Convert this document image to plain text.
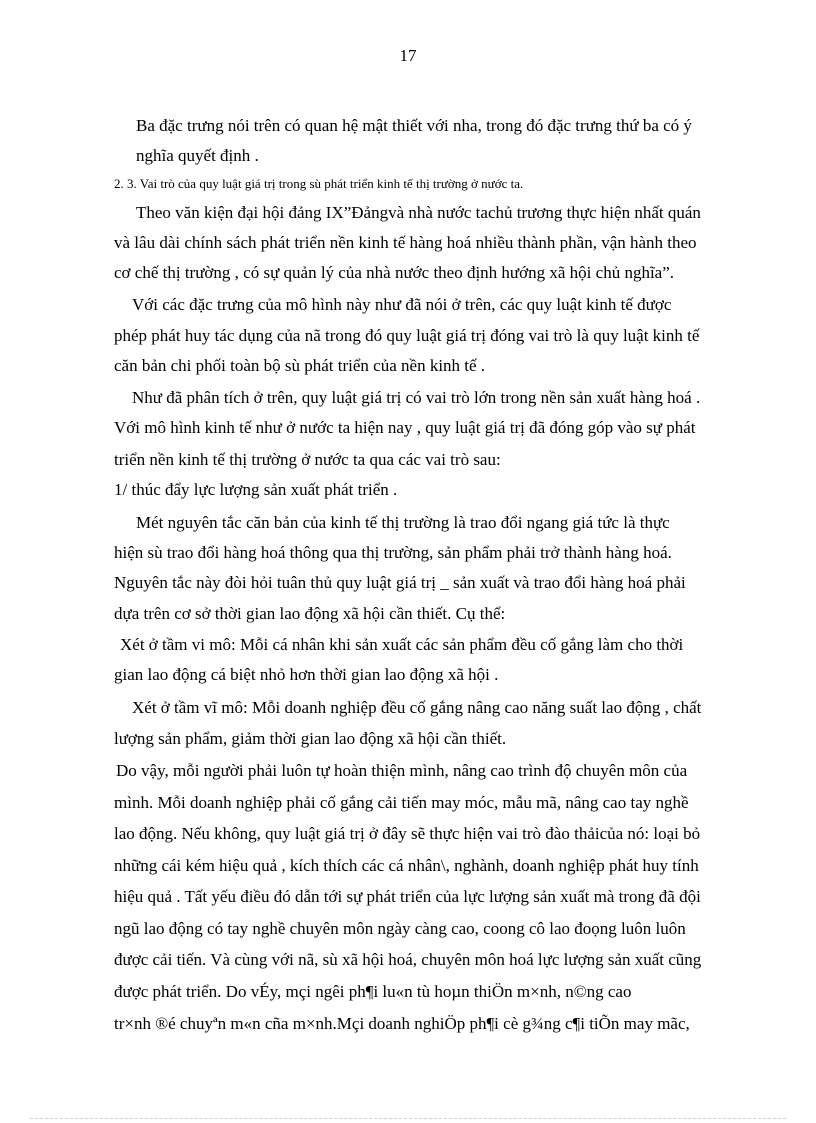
17
Ba đặc trưng nói trên có quan hệ mật thiết với nha, trong đó đặc trưng thứ ba có ý
nghĩa quyết định .
2. 3. Vai trò của quy luật giá trị trong sù phát triển kinh tế thị trường ở nước ta.
Theo văn kiện đại hội đảng IX”Đảngvà nhà nước tachủ trương thực hiện nhất quán
và lâu dài chính sách phát triển nền kinh tế hàng hoá nhiều thành phần, vận hành theo
cơ chế thị trường , có sự quản lý của nhà nước theo định hướng xã hội chủ nghĩa”.
Với các đặc trưng của mô hình này như đã nói ở trên, các quy luật kinh tế được
phép phát huy tác dụng của nã trong đó quy luật giá trị đóng vai trò là quy luật kinh tế
căn bản chi phối toàn bộ sù phát triển của nền kinh tế .
Như đã phân tích ở trên, quy luật giá trị có vai trò lớn trong nền sản xuất hàng hoá .
Với mô hình kinh tế như ở nước ta hiện nay , quy luật giá trị đã đóng góp vào sự phát
triển nền kinh tế thị trường ở nước ta qua các vai trò sau:
1/ thúc đẩy lực lượng sản xuất phát triển .
Mét nguyên tắc căn bản của kinh tế thị trường là trao đổi ngang giá tức là thực
hiện sù trao đổi hàng hoá thông qua thị trường, sản phẩm phải trở thành hàng hoá.
Nguyên tắc này đòi hỏi tuân thủ quy luật giá trị _ sản xuất và trao đổi hàng hoá phải
dựa trên cơ sở thời gian lao động xã hội cần thiết. Cụ thể:
Xét ở tầm vi mô: Mỗi cá nhân khi sản xuất các sản phẩm đều cố gắng làm cho thời
gian lao động cá biệt nhỏ hơn thời gian lao động xã hội .
Xét ở tầm vĩ mô: Mỗi doanh nghiệp đều cố gắng nâng cao năng suất lao động , chất
lượng sản phẩm, giảm thời gian lao động xã hội cần thiết.
Do vậy, mỗi người phải luôn tự hoàn thiện mình, nâng cao trình độ chuyên môn của
mình. Mỗi doanh nghiệp phải cố gắng cải tiến may móc, mẫu mã, nâng cao tay nghề
lao động. Nếu không, quy luật giá trị ở đây sẽ thực hiện vai trò đào thảicủa nó: loại bỏ
những cái kém hiệu quả , kích thích các cá nhân\, nghành, doanh nghiệp phát huy tính
hiệu quả . Tất yếu điều đó dẫn tới sự phát triển của lực lượng sản xuất mà trong đã đội
ngũ lao động có tay nghề chuyên môn ngày càng cao, coong cô lao đoọng luôn luôn
được cải tiến. Và cùng với nã, sù xã hội hoá, chuyên môn hoá lực lượng sản xuất cũng
được phát triển. Do vÉy, mçi ngêi ph¶i lu«n tù hoµn thiÖn m×nh, n©ng cao
tr×nh ®é chuyªn m«n cña m×nh.Mçi doanh nghiÖp ph¶i cè g¾ng c¶i tiÕn may mãc,
